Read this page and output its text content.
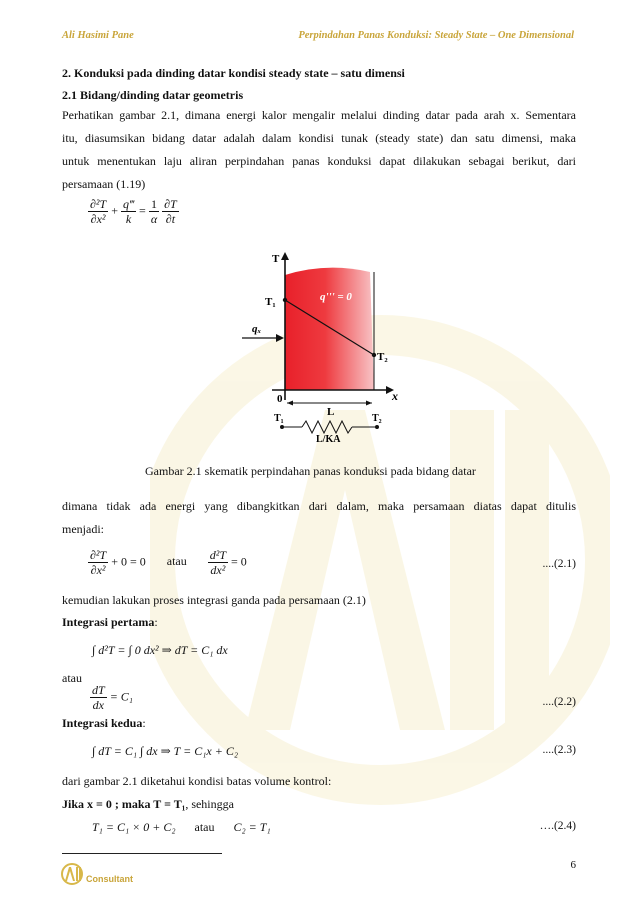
Ali Hasimi Pane	Perpindahan Panas Konduksi: Steady State – One Dimensional
2. Konduksi pada dinding datar kondisi steady state – satu dimensi
2.1 Bidang/dinding datar geometris
Perhatikan gambar 2.1, dimana energi kalor mengalir melalui dinding datar pada arah x. Sementara
itu, diasumsikan bidang datar adalah dalam kondisi tunak (steady state) dan satu dimensi, maka
untuk menentukan laju aliran perpindahan panas konduksi dapat dilakukan sebagai berikut, dari
persamaan (1.19)
$\frac{\text{∂²T}}{\text{∂x²}} + \frac{q‴}{k} = \frac{1}{\alpha}$
$\frac{\partial T}{\partial t}$
T
x
T₁
T₂
qₓ
q''' = 0
0
L
T₁	T₂
L/KA
Gambar 2.1 skematik perpindahan panas konduksi pada bidang datar
dimana tidak ada energi yang dibangkitkan dari dalam, maka persamaan diatas dapat ditulis
menjadi:
$\frac{\text{∂²T}}{\text{∂x²}} + 0 = 0$ atau $\frac{\text{d²T}}{\text{dx²}} = 0$	....(2.1)
kemudian lakukan proses integrasi ganda pada persamaan (2.1)
Integrasi pertama:
∫ d²T = ∫ 0 dx² ⇒ dT = C₁ dx
atau
$\frac{dT}{dx} = C_1$	....(2.2)
Integrasi kedua:
∫ dT = C₁ ∫ dx ⇒ T = C₁x + C₂	....(2.3)
dari gambar 2.1 diketahui kondisi batas volume kontrol:
Jika x = 0 ; maka T = T₁, sehingga
T₁ = C₁ × 0 + C₂ atau C₂ = T₁	….(2.4)
6
Consultant
